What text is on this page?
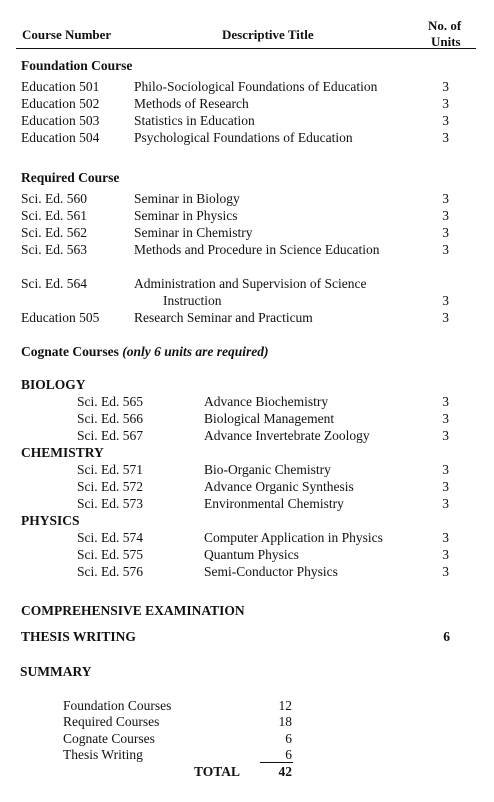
Course Number	Descriptive Title
No. of
Units
Foundation Course
Education 501	Philo-Sociological Foundations of Education	3
Education 502	Methods of Research	3
Education 503	Statistics in Education	3
Education 504	Psychological Foundations of Education	3
Required Course
Sci. Ed. 560	Seminar in Biology	3
Sci. Ed. 561	Seminar in Physics	3
Sci. Ed. 562	Seminar in Chemistry	3
Sci. Ed. 563	Methods and Procedure in Science Education	3
Sci. Ed. 564	Administration and Supervision of Science
Instruction	3
Education 505	Research Seminar and Practicum	3
Cognate Courses (only 6 units are required)
BIOLOGY
Sci. Ed. 565	Advance Biochemistry	3
Sci. Ed. 566	Biological Management	3
Sci. Ed. 567	Advance Invertebrate Zoology	3
CHEMISTRY
Sci. Ed. 571	Bio-Organic Chemistry	3
Sci. Ed. 572	Advance Organic Synthesis	3
Sci. Ed. 573	Environmental Chemistry	3
PHYSICS
Sci. Ed. 574	Computer Application in Physics	3
Sci. Ed. 575	Quantum Physics	3
Sci. Ed. 576	Semi-Conductor Physics	3
COMPREHENSIVE EXAMINATION
THESIS WRITING	6
SUMMARY
Foundation Courses	12
Required Courses	18
Cognate Courses	6
Thesis Writing	6
TOTAL	42
